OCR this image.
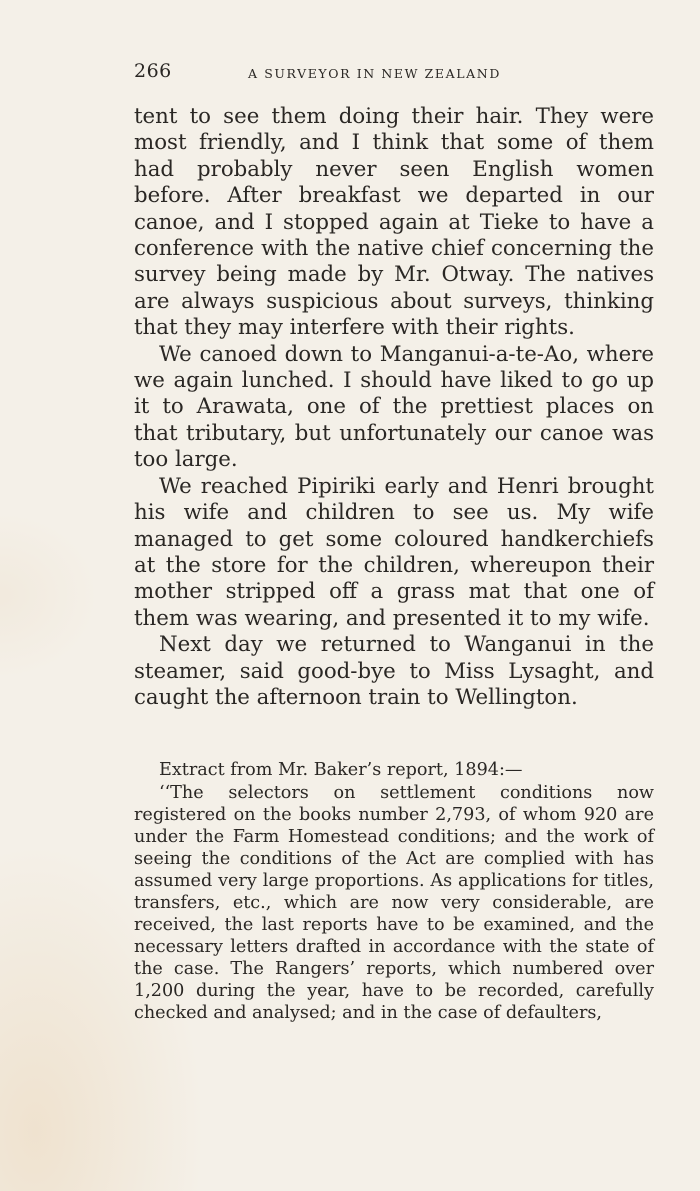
266	A SURVEYOR IN NEW ZEALAND

tent to see them doing their hair. They were most friendly, and I think that some of them had probably never seen English women before. After breakfast we departed in our canoe, and I stopped again at Tieke to have a conference with the native chief concerning the survey being made by Mr. Otway. The natives are always suspicious about surveys, thinking that they may interfere with their rights.

We canoed down to Manganui-a-te-Ao, where we again lunched. I should have liked to go up it to Arawata, one of the prettiest places on that tributary, but unfortunately our canoe was too large.

We reached Pipiriki early and Henri brought his wife and children to see us. My wife managed to get some coloured handkerchiefs at the store for the children, whereupon their mother stripped off a grass mat that one of them was wearing, and presented it to my wife.

Next day we returned to Wanganui in the steamer, said good-bye to Miss Lysaght, and caught the afternoon train to Wellington.

Extract from Mr. Baker’s report, 1894:—

‘‘The selectors on settlement conditions now registered on the books number 2,793, of whom 920 are under the Farm Homestead conditions; and the work of seeing the conditions of the Act are complied with has assumed very large proportions. As applications for titles, transfers, etc., which are now very considerable, are received, the last reports have to be examined, and the necessary letters drafted in accordance with the state of the case. The Rangers’ reports, which numbered over 1,200 during the year, have to be recorded, carefully checked and analysed; and in the case of defaulters,
